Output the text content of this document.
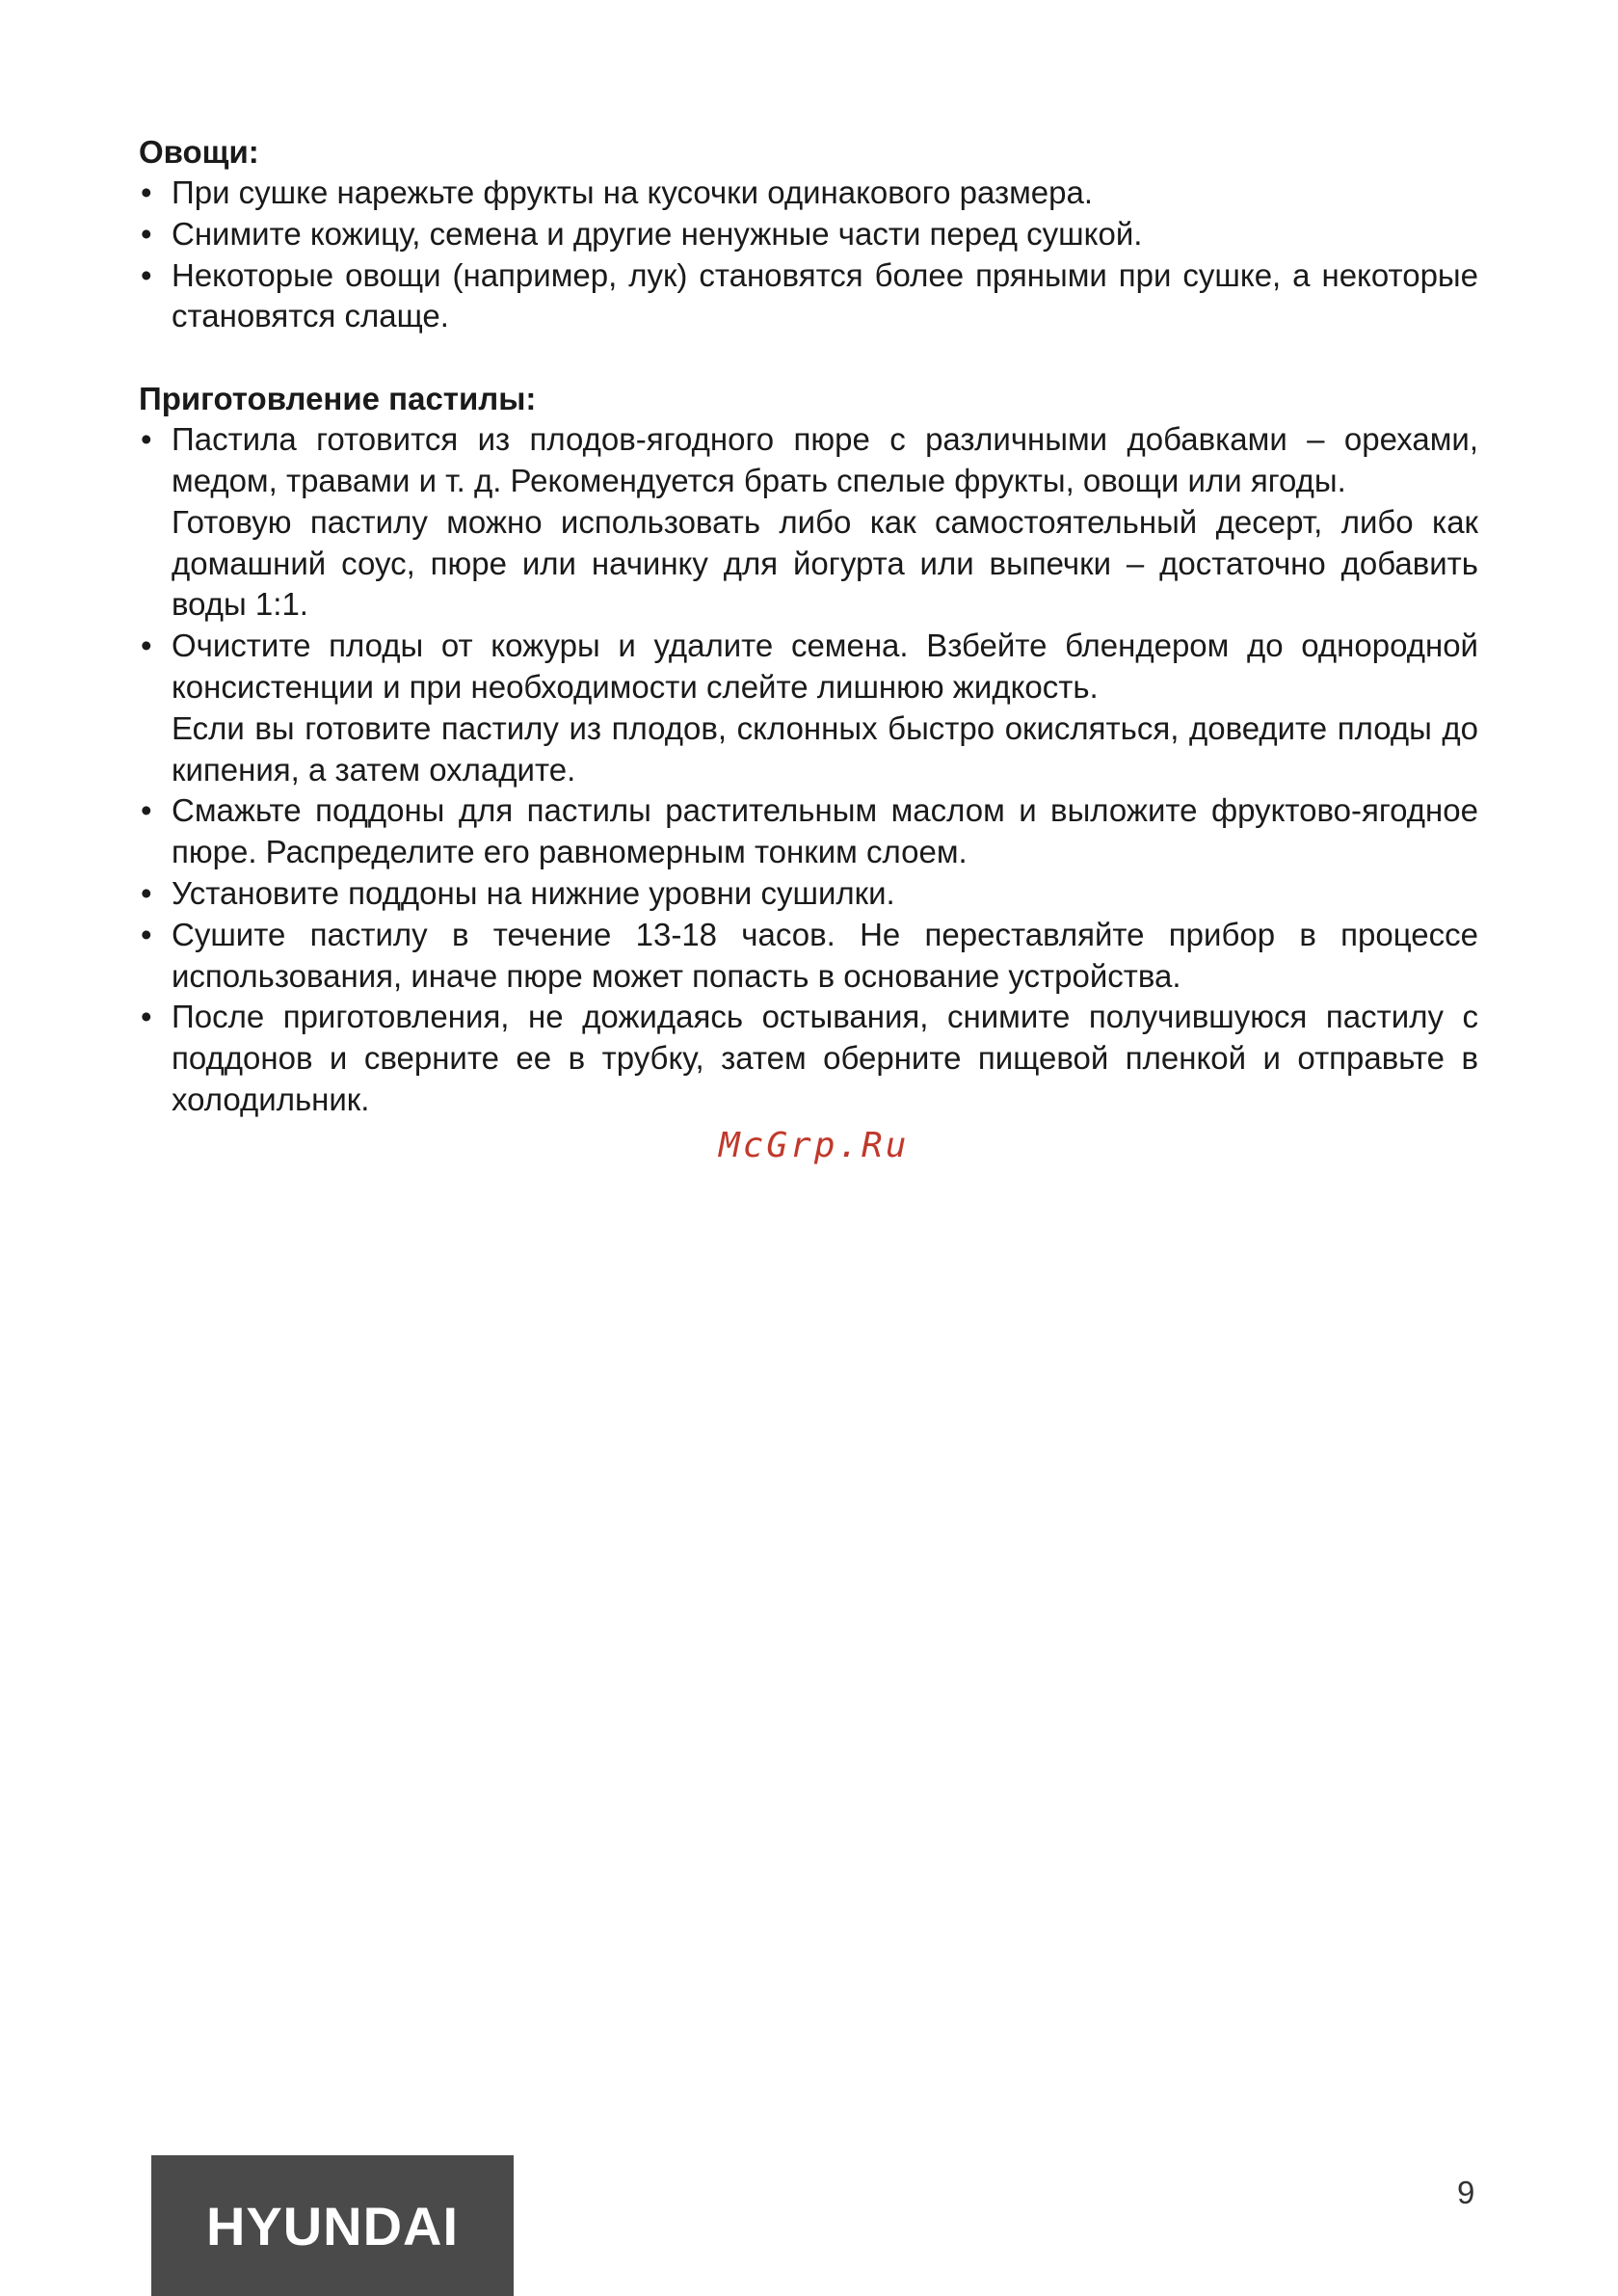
Овощи:
• При сушке нарежьте фрукты на кусочки одинакового размера.

• Снимите кожицу, семена и другие ненужные части перед сушкой.

• Некоторые овощи (например, лук) становятся более пряными при сушке, а некоторые становятся слаще.

Приготовление пастилы:
• Пастила готовится из плодов-ягодного пюре с различными добавками – орехами, медом, травами и т. д. Рекомендуется брать спелые фрукты, овощи или ягоды.

Готовую пастилу можно использовать либо как самостоятельный десерт, либо как домашний соус, пюре или начинку для йогурта или выпечки – достаточно добавить воды 1:1.

• Очистите плоды от кожуры и удалите семена. Взбейте блендером до однородной консистенции и при необходимости слейте лишнюю жидкость.

Если вы готовите пастилу из плодов, склонных быстро окисляться, доведите плоды до кипения, а затем охладите.

• Смажьте поддоны для пастилы растительным маслом и выложите фруктово-ягодное пюре. Распределите его равномерным тонким слоем.

• Установите поддоны на нижние уровни сушилки.

• Сушите пастилу в течение 13-18 часов. Не переставляйте прибор в процессе использования, иначе пюре может попасть в основание устройства.

• После приготовления, не дожидаясь остывания, снимите получившуюся пастилу с поддонов и сверните ее в трубку, затем оберните пищевой пленкой и отправьте в холодильник.

McGrp.Ru
HYUNDAI
9
